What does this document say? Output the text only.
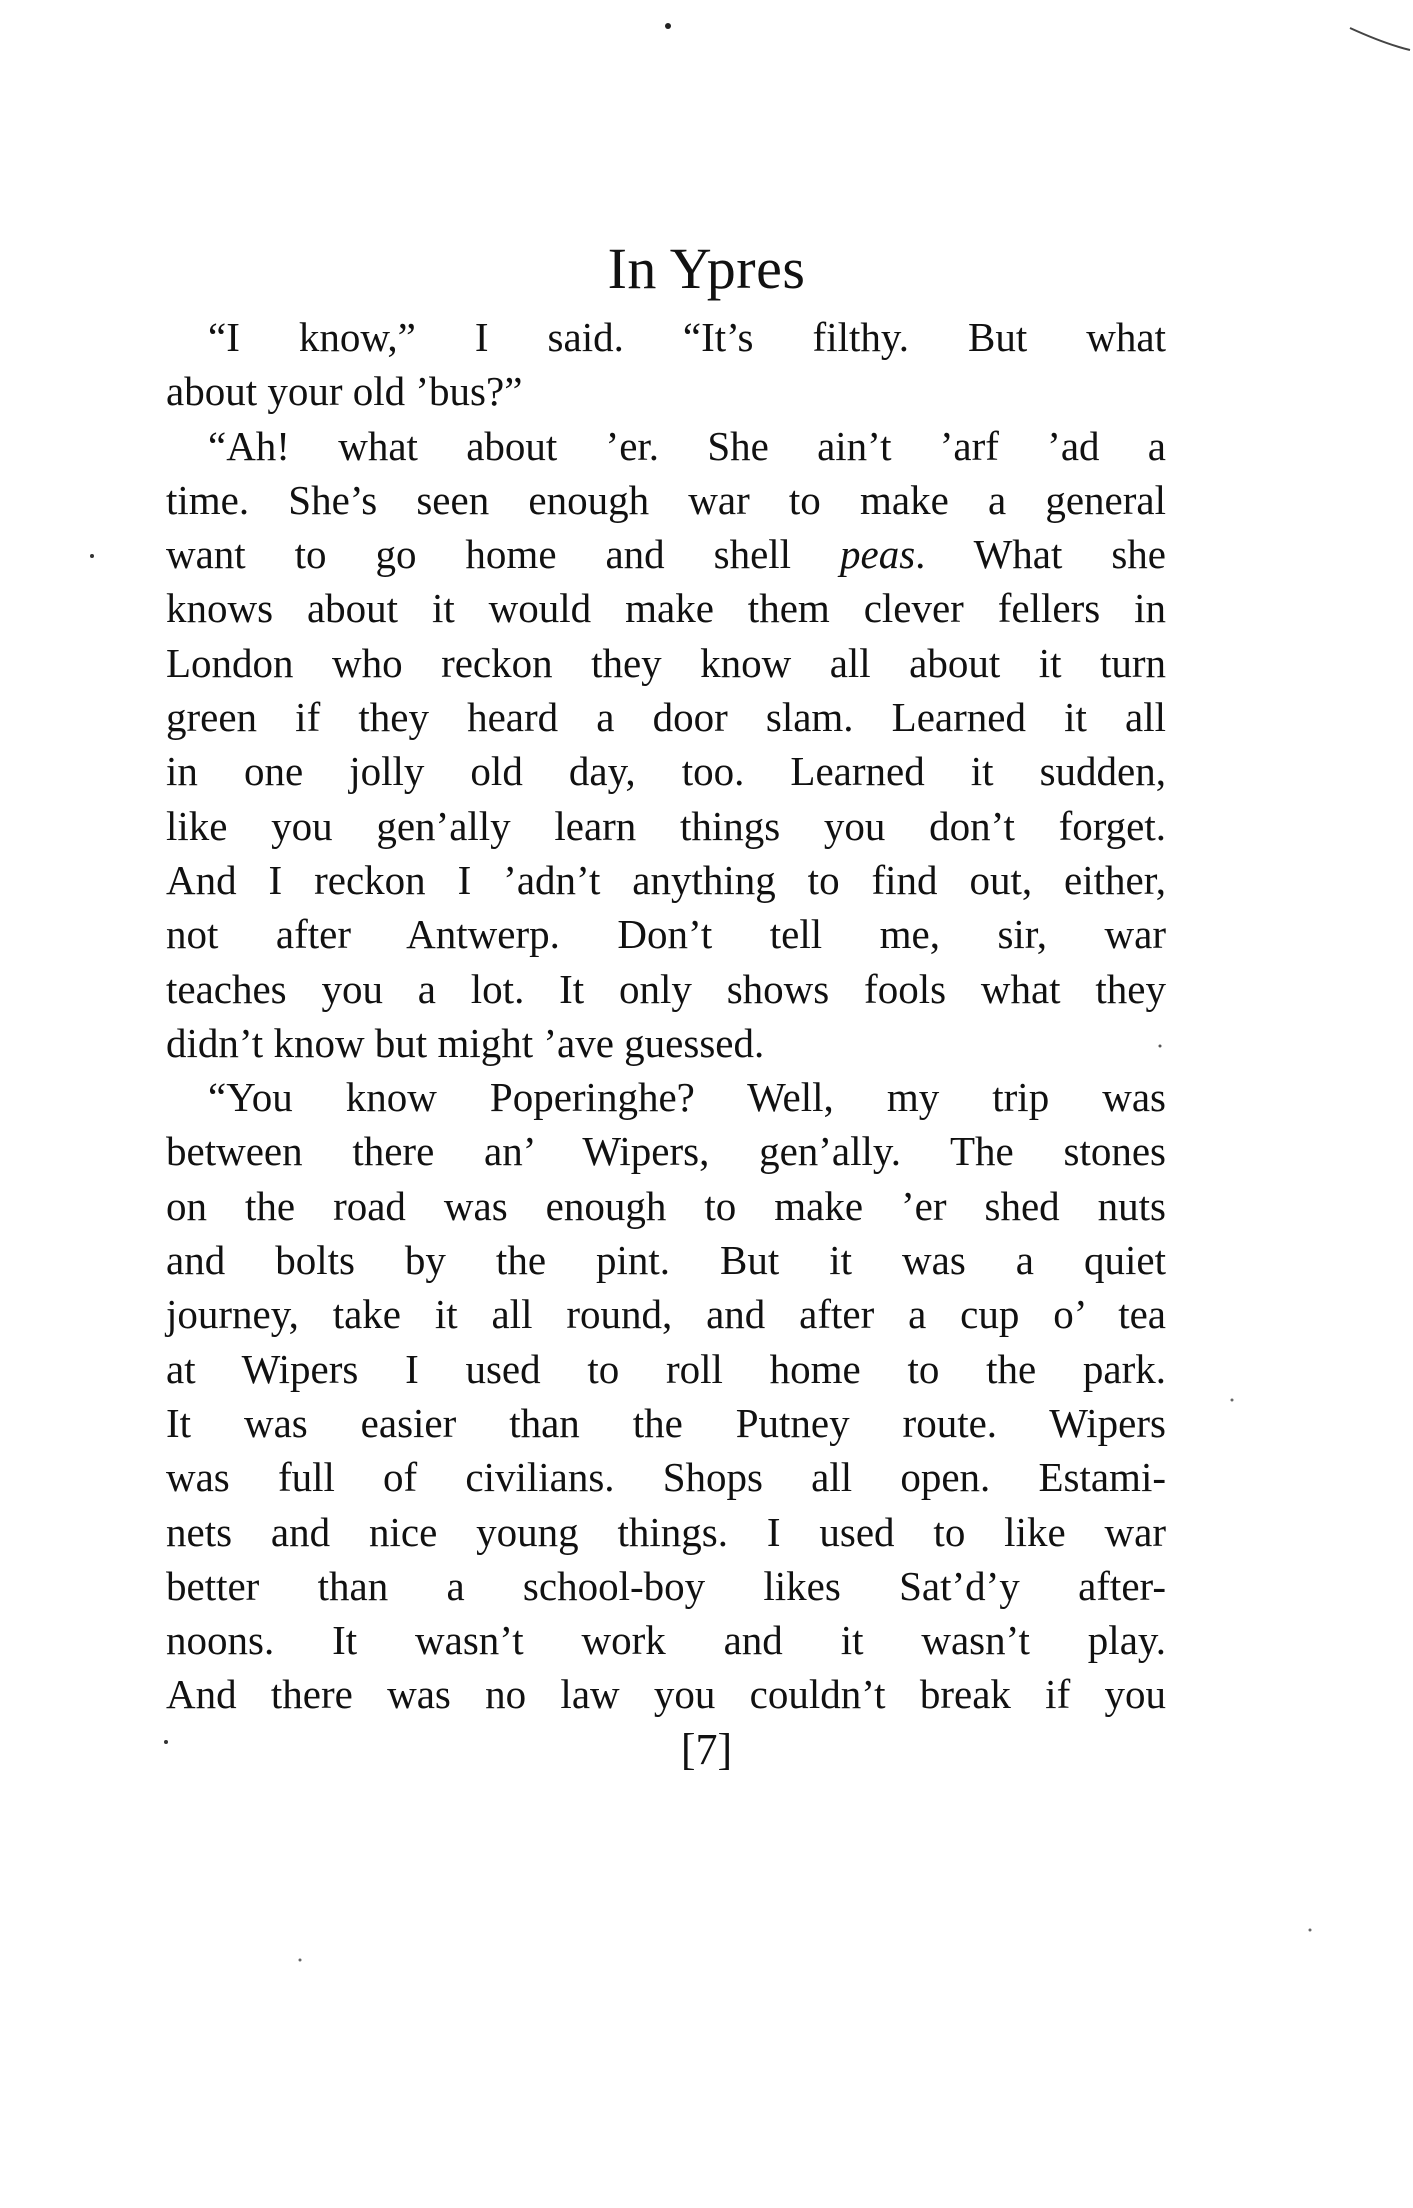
In Ypres
“I know,” I said. “It’s filthy. But what
about your old ’bus?”
“Ah! what about ’er. She ain’t ’arf ’ad a
time. She’s seen enough war to make a general
want to go home and shell peas. What she
knows about it would make them clever fellers in
London who reckon they know all about it turn
green if they heard a door slam. Learned it all
in one jolly old day, too. Learned it sudden,
like you gen’ally learn things you don’t forget.
And I reckon I ’adn’t anything to find out, either,
not after Antwerp. Don’t tell me, sir, war
teaches you a lot. It only shows fools what they
didn’t know but might ’ave guessed.
“You know Poperinghe? Well, my trip was
between there an’ Wipers, gen’ally. The stones
on the road was enough to make ’er shed nuts
and bolts by the pint. But it was a quiet
journey, take it all round, and after a cup o’ tea
at Wipers I used to roll home to the park.
It was easier than the Putney route. Wipers
was full of civilians. Shops all open. Estami-
nets and nice young things. I used to like war
better than a school-boy likes Sat’d’y after-
noons. It wasn’t work and it wasn’t play.
And there was no law you couldn’t break if you
[7]
